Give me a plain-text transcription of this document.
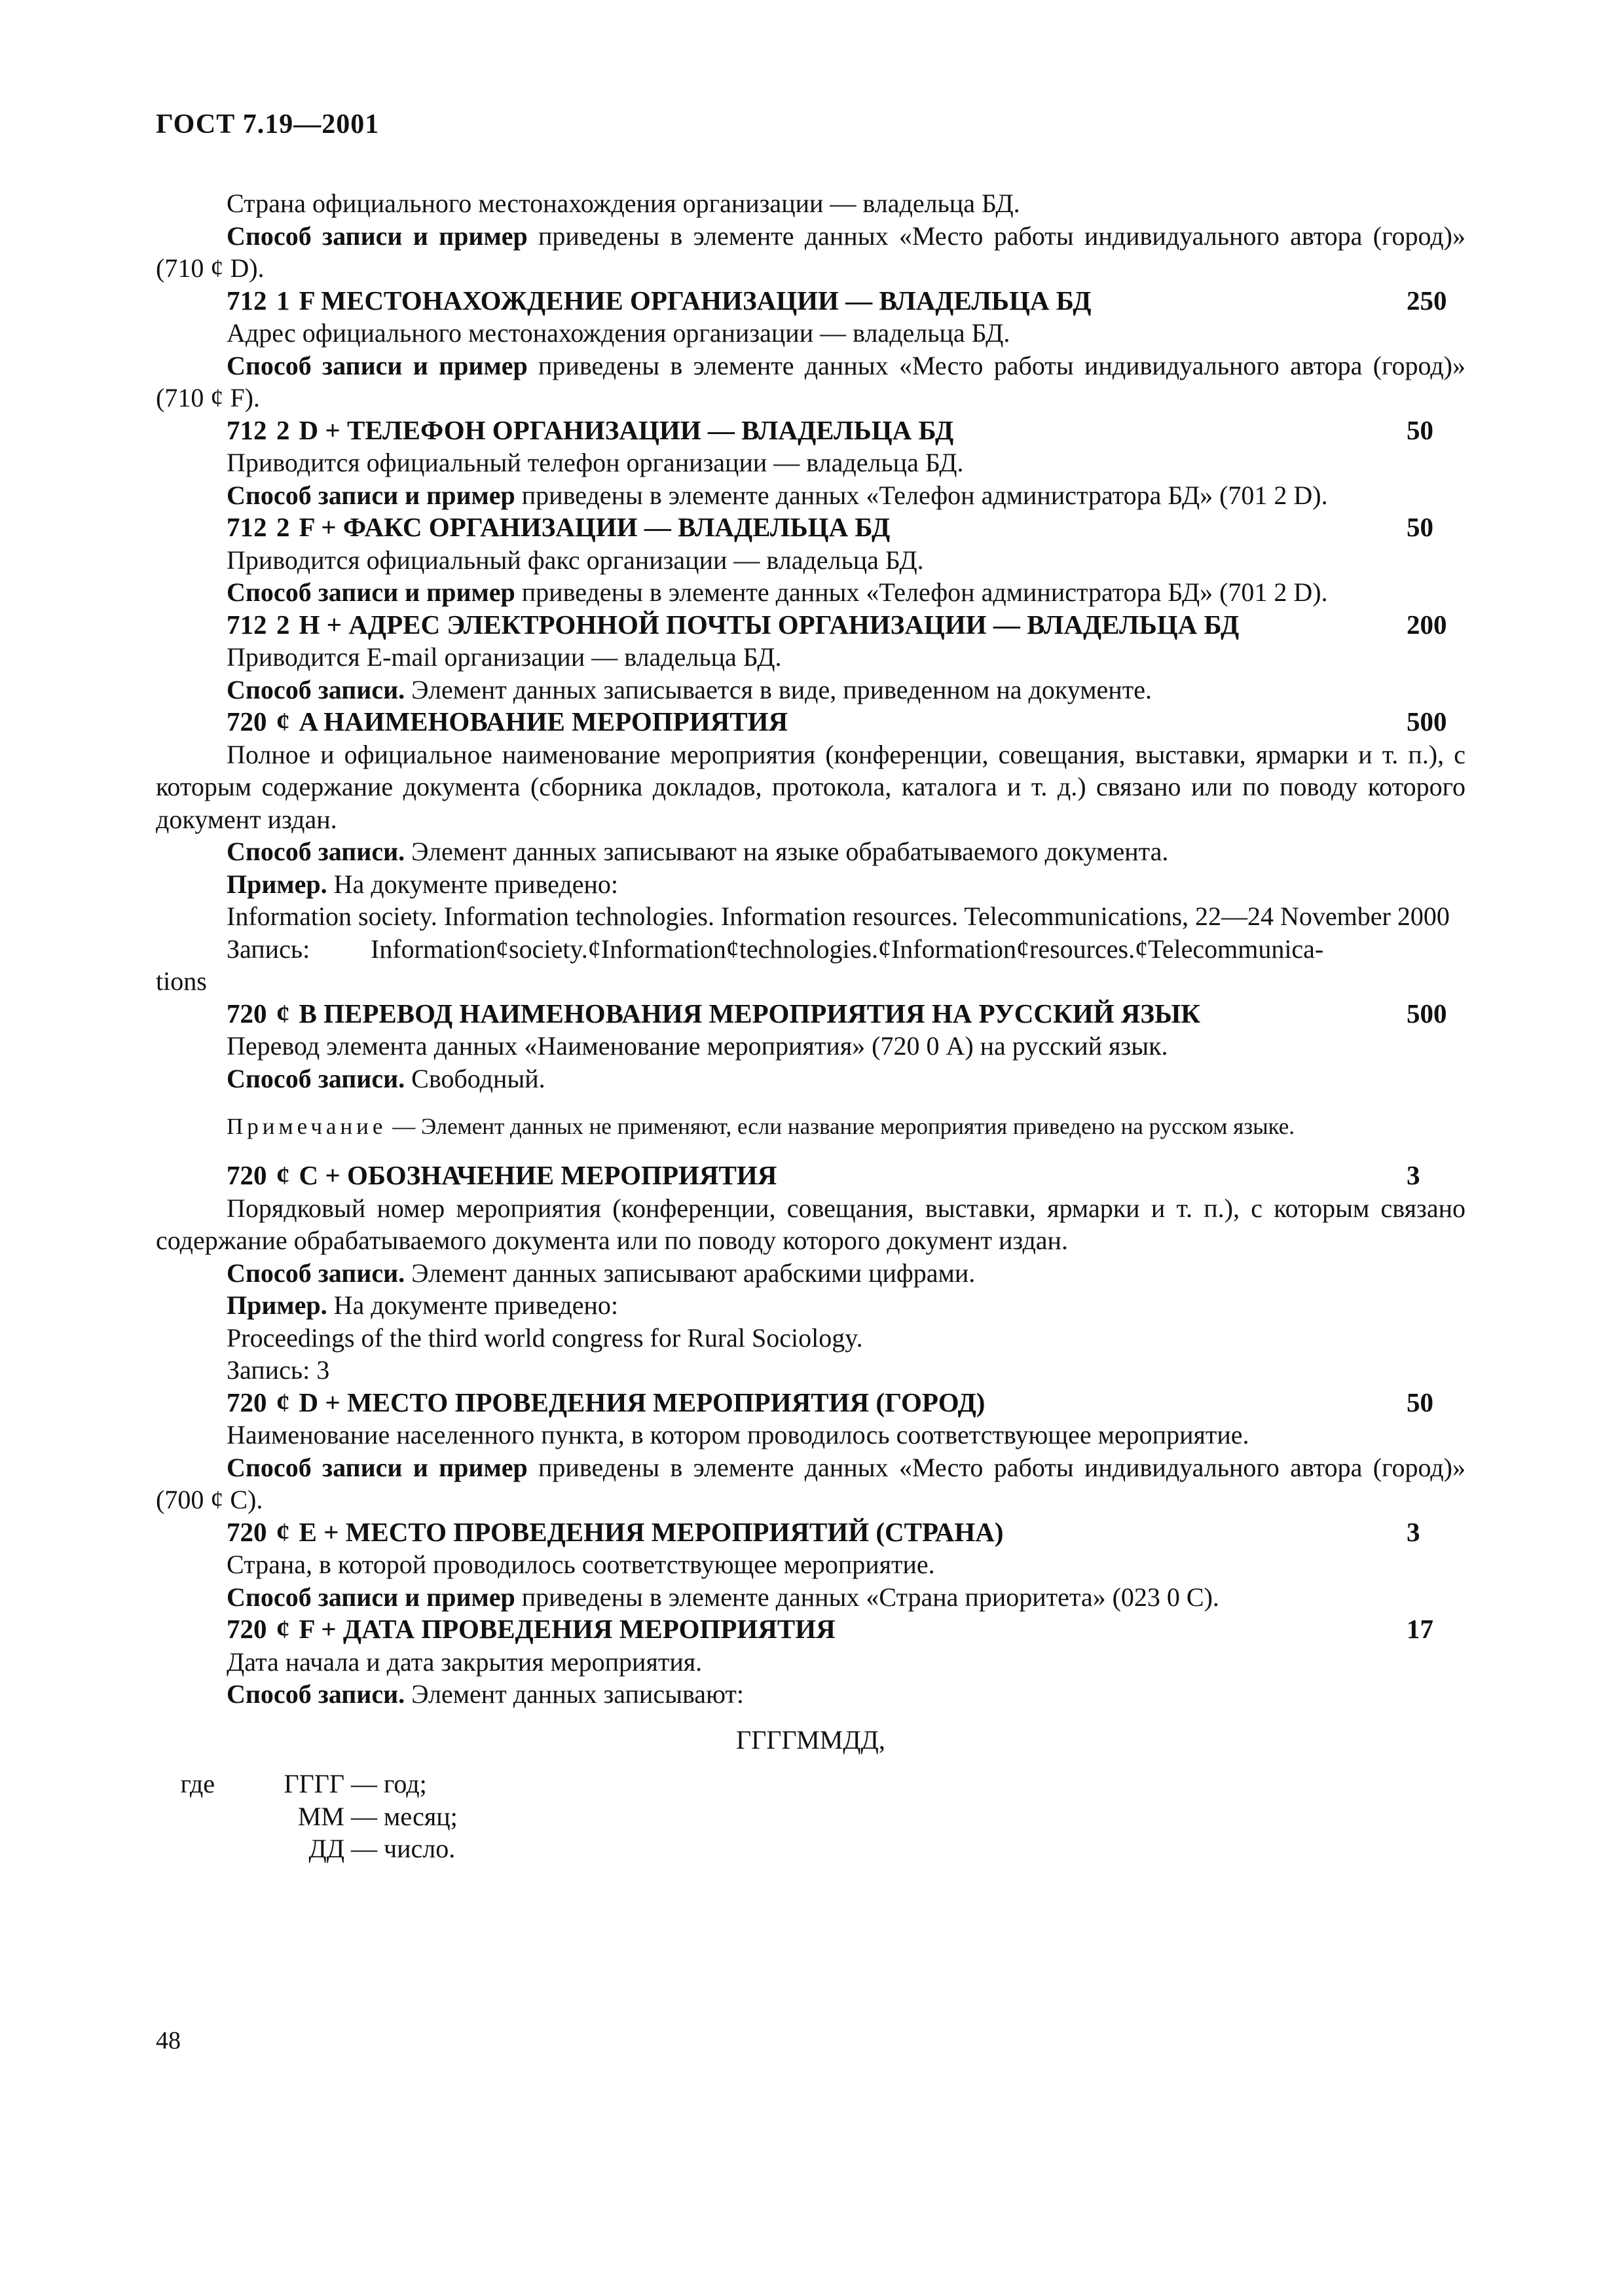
ГОСТ 7.19—2001

Страна официального местонахождения организации — владельца БД.

Способ записи и пример приведены в элементе данных «Место работы индивидуального автора (город)» (710 ȼ D).

712 1 F МЕСТОНАХОЖДЕНИЕ ОРГАНИЗАЦИИ — ВЛАДЕЛЬЦА БД	250

Адрес официального местонахождения организации — владельца БД.

Способ записи и пример приведены в элементе данных «Место работы индивидуального автора (город)» (710 ȼ F).

712 2 D + ТЕЛЕФОН ОРГАНИЗАЦИИ — ВЛАДЕЛЬЦА БД	50

Приводится официальный телефон организации — владельца БД.

Способ записи и пример приведены в элементе данных «Телефон администратора БД» (701 2 D).

712 2 F + ФАКС ОРГАНИЗАЦИИ — ВЛАДЕЛЬЦА БД	50

Приводится официальный факс организации — владельца БД.

Способ записи и пример приведены в элементе данных «Телефон администратора БД» (701 2 D).

712 2 H + АДРЕС ЭЛЕКТРОННОЙ ПОЧТЫ ОРГАНИЗАЦИИ — ВЛАДЕЛЬЦА БД	200

Приводится E-mail организации — владельца БД.

Способ записи. Элемент данных записывается в виде, приведенном на документе.

720 ȼ A НАИМЕНОВАНИЕ МЕРОПРИЯТИЯ	500

Полное и официальное наименование мероприятия (конференции, совещания, выставки, ярмарки и т. п.), с которым содержание документа (сборника докладов, протокола, каталога и т. д.) связано или по поводу которого документ издан.

Способ записи. Элемент данных записывают на языке обрабатываемого документа.

Пример. На документе приведено:

Information society. Information technologies. Information resources. Telecommunications, 22—24 November 2000

Запись:	Informationȼsociety.ȼInformationȼtechnologies.ȼInformationȼresources.ȼTelecommunica-

tions

720 ȼ B ПЕРЕВОД НАИМЕНОВАНИЯ МЕРОПРИЯТИЯ НА РУССКИЙ ЯЗЫК	500

Перевод элемента данных «Наименование мероприятия» (720 0 A) на русский язык.

Способ записи. Свободный.

Примечание — Элемент данных не применяют, если название мероприятия приведено на русском языке.

720 ȼ C + ОБОЗНАЧЕНИЕ МЕРОПРИЯТИЯ	3

Порядковый номер мероприятия (конференции, совещания, выставки, ярмарки и т. п.), с которым связано содержание обрабатываемого документа или по поводу которого документ издан.

Способ записи. Элемент данных записывают арабскими цифрами.

Пример. На документе приведено:

Proceedings of the third world congress for Rural Sociology.

Запись: 3

720 ȼ D + МЕСТО ПРОВЕДЕНИЯ МЕРОПРИЯТИЯ (ГОРОД)	50

Наименование населенного пункта, в котором проводилось соответствующее мероприятие.

Способ записи и пример приведены в элементе данных «Место работы индивидуального автора (город)» (700 ȼ C).

720 ȼ E + МЕСТО ПРОВЕДЕНИЯ МЕРОПРИЯТИЙ (СТРАНА)	3

Страна, в которой проводилось соответствующее мероприятие.

Способ записи и пример приведены в элементе данных «Страна приоритета» (023 0 C).

720 ȼ F + ДАТА ПРОВЕДЕНИЯ МЕРОПРИЯТИЯ	17

Дата начала и дата закрытия мероприятия.

Способ записи. Элемент данных записывают:

ГГГГММДД,

где	ГГГГ — год;
ММ — месяц;
ДД — число.
48
